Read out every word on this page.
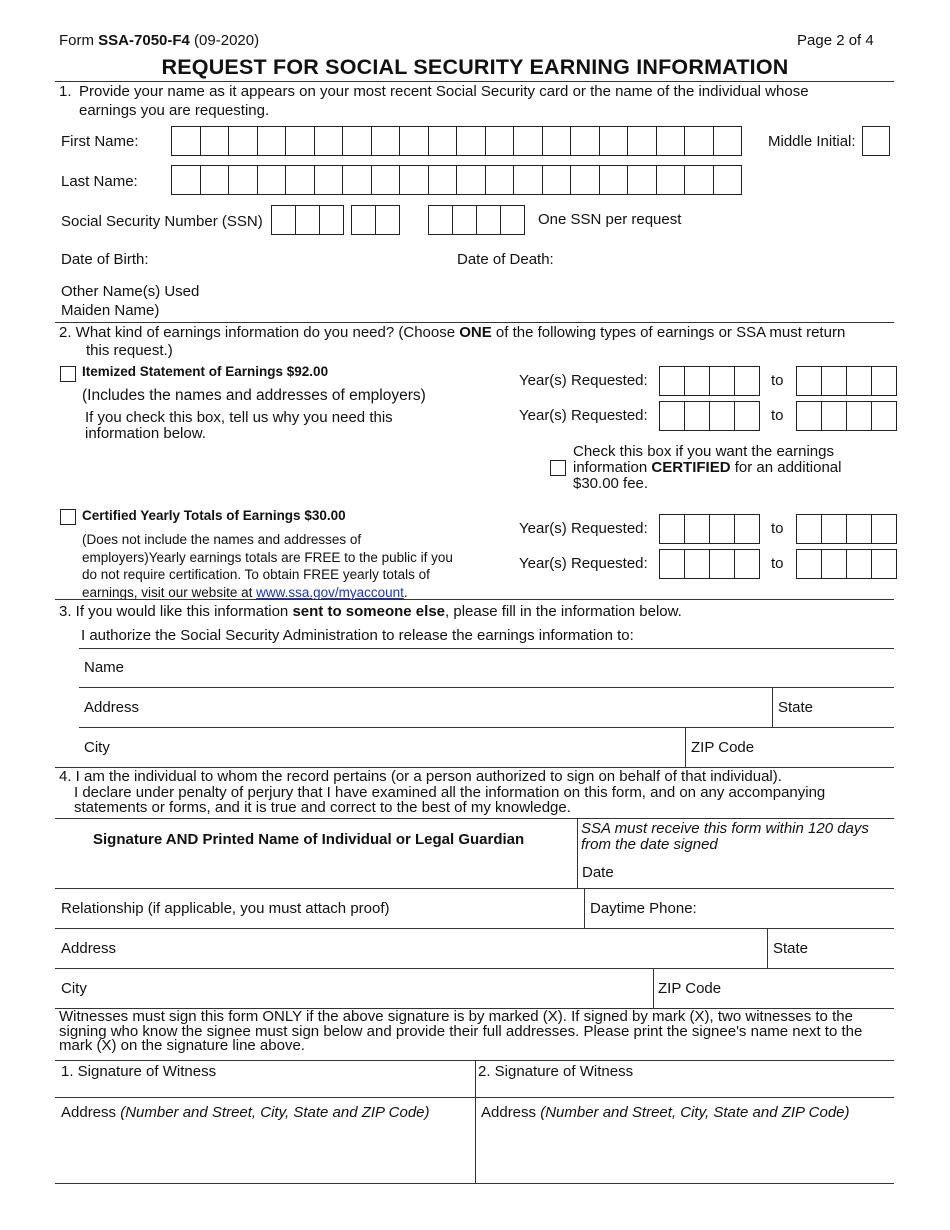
Form SSA-7050-F4 (09-2020)	Page 2 of 4
REQUEST FOR SOCIAL SECURITY EARNING INFORMATION
1. Provide your name as it appears on your most recent Social Security card or the name of the individual whose
earnings you are requesting.
First Name:	Middle Initial:
Last Name:
Social Security Number (SSN)	One SSN per request
Date of Birth:	Date of Death:
Other Name(s) Used
Maiden Name)
2. What kind of earnings information do you need? (Choose ONE of the following types of earnings or SSA must return
this request.)
Itemized Statement of Earnings $92.00
(Includes the names and addresses of employers)
If you check this box, tell us why you need this
information below.
Year(s) Requested:	to
Year(s) Requested:	to
Check this box if you want the earnings
information CERTIFIED for an additional
$30.00 fee.
Certified Yearly Totals of Earnings $30.00
(Does not include the names and addresses of
employers)Yearly earnings totals are FREE to the public if you
do not require certification. To obtain FREE yearly totals of
earnings, visit our website at www.ssa.gov/myaccount.
Year(s) Requested:	to
Year(s) Requested:	to
3. If you would like this information sent to someone else, please fill in the information below.
I authorize the Social Security Administration to release the earnings information to:
Name
Address	State
City	ZIP Code
4. I am the individual to whom the record pertains (or a person authorized to sign on behalf of that individual).
I declare under penalty of perjury that I have examined all the information on this form, and on any accompanying
statements or forms, and it is true and correct to the best of my knowledge.
Signature AND Printed Name of Individual or Legal Guardian
SSA must receive this form within 120 days
from the date signed
Date
Relationship (if applicable, you must attach proof)	Daytime Phone:
Address	State
City	ZIP Code
Witnesses must sign this form ONLY if the above signature is by marked (X). If signed by mark (X), two witnesses to the
signing who know the signee must sign below and provide their full addresses. Please print the signee's name next to the
mark (X) on the signature line above.
1. Signature of Witness	2. Signature of Witness
Address (Number and Street, City, State and ZIP Code)	Address (Number and Street, City, State and ZIP Code)
